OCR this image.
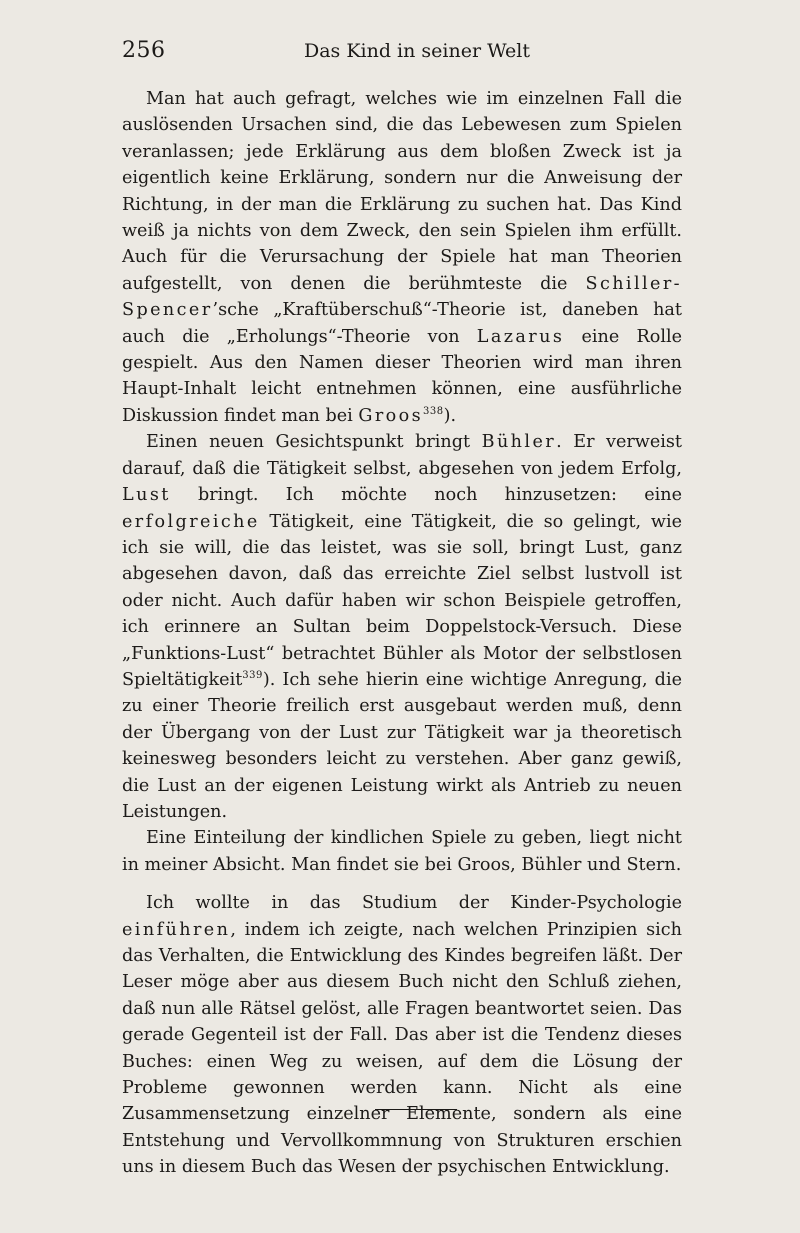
256	Das Kind in seiner Welt

Man hat auch gefragt, welches wie im einzelnen Fall die auslösenden Ursachen sind, die das Lebewesen zum Spielen veranlassen; jede Erklärung aus dem bloßen Zweck ist ja eigentlich keine Erklärung, sondern nur die Anweisung der Richtung, in der man die Erklärung zu suchen hat. Das Kind weiß ja nichts von dem Zweck, den sein Spielen ihm erfüllt. Auch für die Verursachung der Spiele hat man Theorien aufgestellt, von denen die berühmteste die Schiller-Spencer’sche „Kraftüberschuß“-Theorie ist, daneben hat auch die „Erholungs“-Theorie von Lazarus eine Rolle gespielt. Aus den Namen dieser Theorien wird man ihren Haupt-Inhalt leicht entnehmen können, eine ausführliche Diskussion findet man bei Groos$^{338}$).

Einen neuen Gesichtspunkt bringt Bühler. Er verweist darauf, daß die Tätigkeit selbst, abgesehen von jedem Erfolg, Lust bringt. Ich möchte noch hinzusetzen: eine erfolgreiche Tätigkeit, eine Tätigkeit, die so gelingt, wie ich sie will, die das leistet, was sie soll, bringt Lust, ganz abgesehen davon, daß das erreichte Ziel selbst lustvoll ist oder nicht. Auch dafür haben wir schon Beispiele getroffen, ich erinnere an Sultan beim Doppelstock-Versuch. Diese „Funktions-Lust“ betrachtet Bühler als Motor der selbstlosen Spieltätigkeit$^{339}$). Ich sehe hierin eine wichtige Anregung, die zu einer Theorie freilich erst ausgebaut werden muß, denn der Übergang von der Lust zur Tätigkeit war ja theoretisch keinesweg besonders leicht zu verstehen. Aber ganz gewiß, die Lust an der eigenen Leistung wirkt als Antrieb zu neuen Leistungen.

Eine Einteilung der kindlichen Spiele zu geben, liegt nicht in meiner Absicht. Man findet sie bei Groos, Bühler und Stern.

Ich wollte in das Studium der Kinder-Psychologie einführen, indem ich zeigte, nach welchen Prinzipien sich das Verhalten, die Entwicklung des Kindes begreifen läßt. Der Leser möge aber aus diesem Buch nicht den Schluß ziehen, daß nun alle Rätsel gelöst, alle Fragen beantwortet seien. Das gerade Gegenteil ist der Fall. Das aber ist die Tendenz dieses Buches: einen Weg zu weisen, auf dem die Lösung der Probleme gewonnen werden kann. Nicht als eine Zusammensetzung einzelner Elemente, sondern als eine Entstehung und Vervollkommnung von Strukturen erschien uns in diesem Buch das Wesen der psychischen Entwicklung.
